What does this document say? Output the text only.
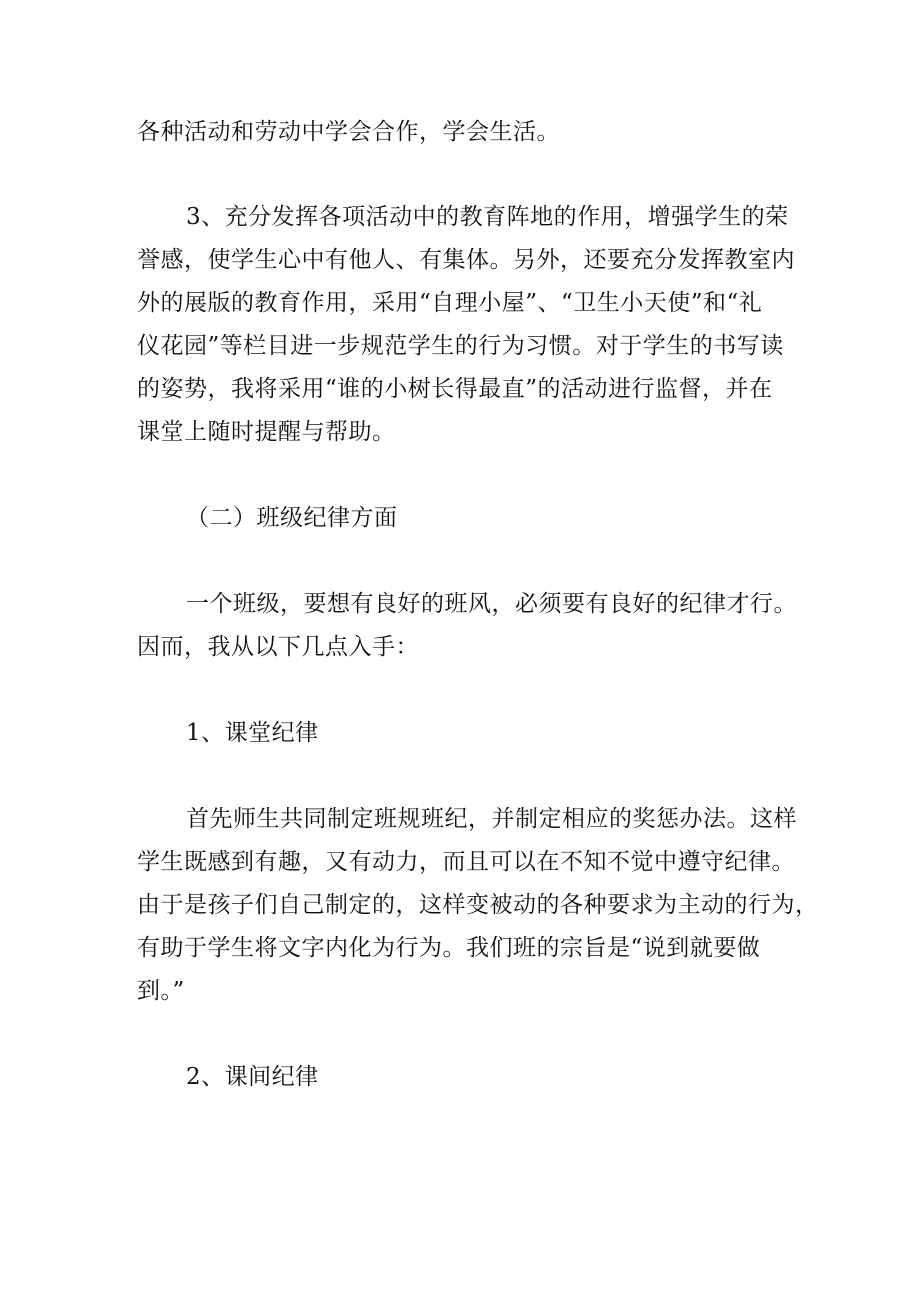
各种活动和劳动中学会合作，学会生活。
3、充分发挥各项活动中的教育阵地的作用，增强学生的荣
誉感，使学生心中有他人、有集体。另外，还要充分发挥教室内
外的展版的教育作用，采用“自理小屋”、“卫生小天使”和“礼
仪花园”等栏目进一步规范学生的行为习惯。对于学生的书写读
的姿势，我将采用“谁的小树长得最直”的活动进行监督，并在
课堂上随时提醒与帮助。
（二）班级纪律方面
一个班级，要想有良好的班风，必须要有良好的纪律才行。
因而，我从以下几点入手：
1、课堂纪律
首先师生共同制定班规班纪，并制定相应的奖惩办法。这样
学生既感到有趣，又有动力，而且可以在不知不觉中遵守纪律。
由于是孩子们自己制定的，这样变被动的各种要求为主动的行为，
有助于学生将文字内化为行为。我们班的宗旨是“说到就要做
到。”
2、课间纪律
